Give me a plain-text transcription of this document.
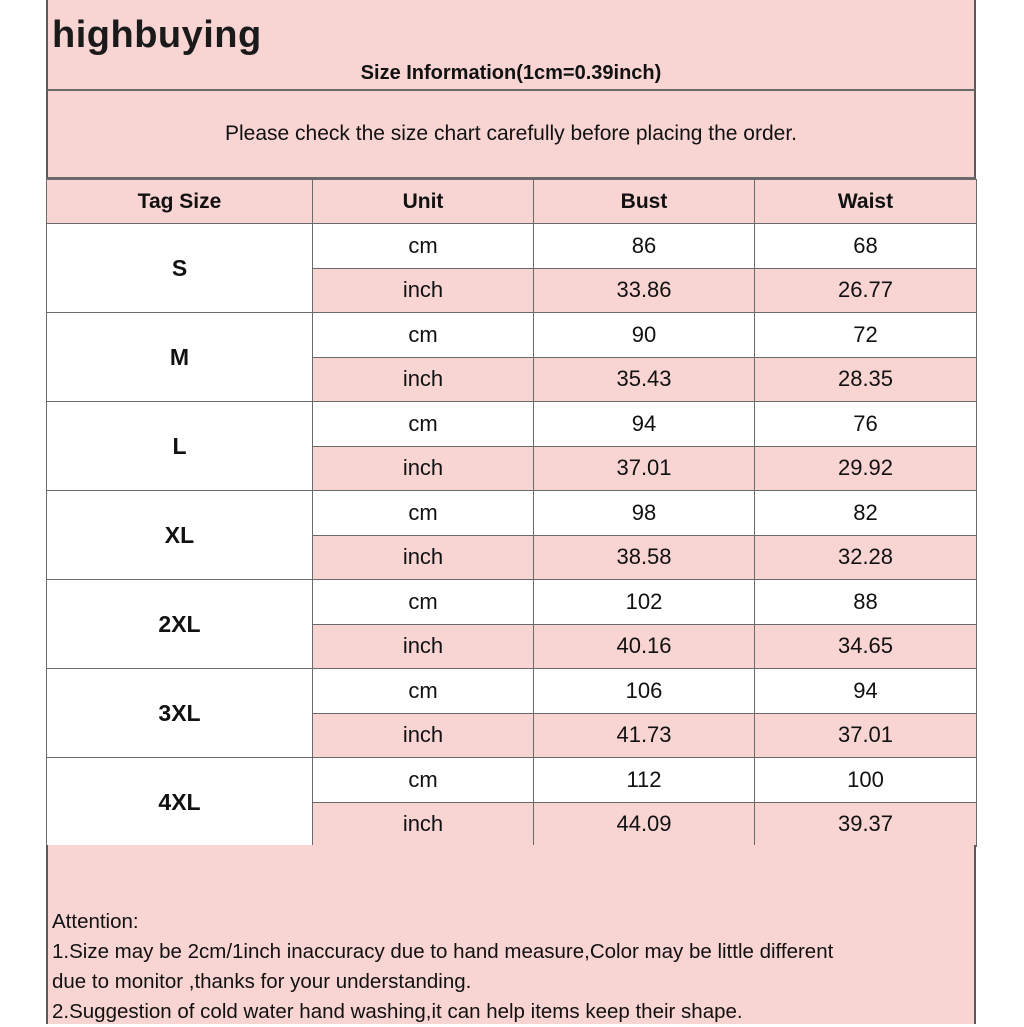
highbuying
Size Information(1cm=0.39inch)
Please check the size chart carefully before placing the order.
Tag Size	Unit	Bust	Waist
S	cm	86	68
	inch	33.86	26.77
M	cm	90	72
	inch	35.43	28.35
L	cm	94	76
	inch	37.01	29.92
XL	cm	98	82
	inch	38.58	32.28
2XL	cm	102	88
	inch	40.16	34.65
3XL	cm	106	94
	inch	41.73	37.01
4XL	cm	112	100
	inch	44.09	39.37
Attention:
1.Size may be 2cm/1inch inaccuracy due to hand measure,Color may be little different
due to monitor ,thanks for your understanding.
2.Suggestion of cold water hand washing,it can help items keep their shape.
